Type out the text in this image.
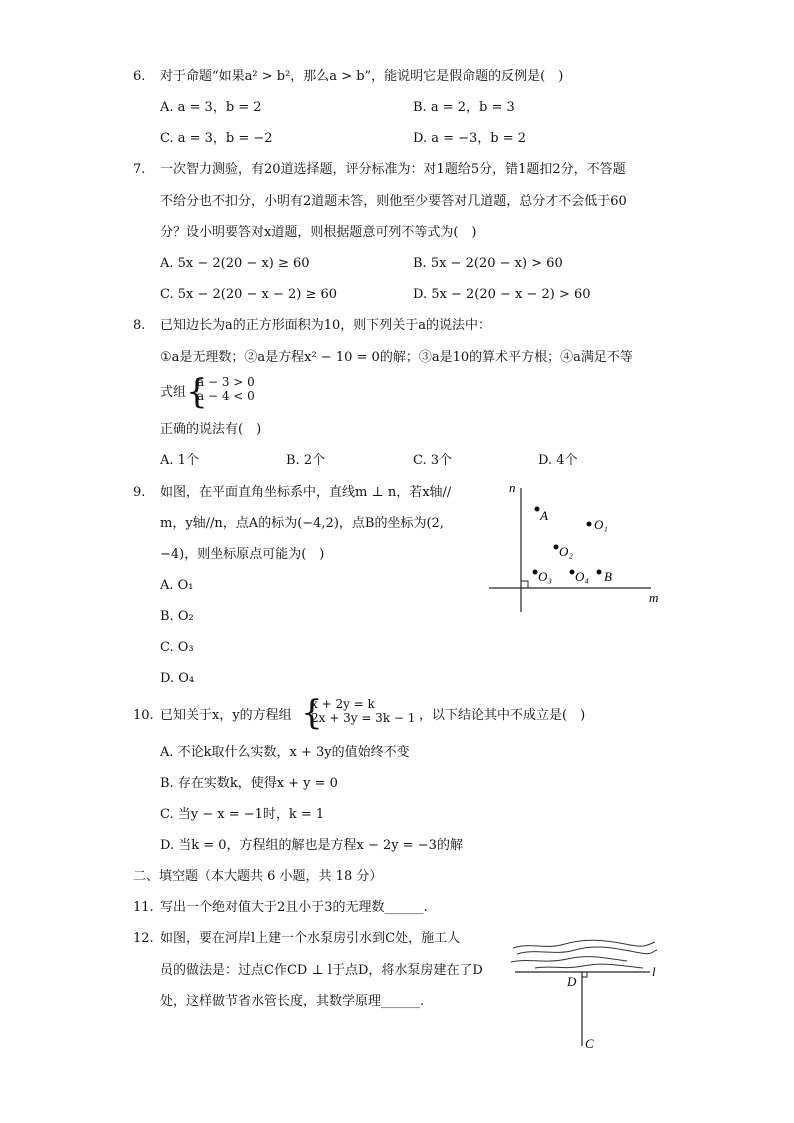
6. 对于命题“如果a² > b²，那么a > b”，能说明它是假命题的反例是(　)
A. a = 3，b = 2	B. a = 2，b = 3
C. a = 3，b = −2	D. a = −3，b = 2
7. 一次智力测验，有20道选择题，评分标准为：对1题给5分，错1题扣2分，不答题
不给分也不扣分，小明有2道题未答，则他至少要答对几道题，总分才不会低于60
分？设小明要答对x道题，则根据题意可列不等式为(　)
A. 5x − 2(20 − x) ≥ 60	B. 5x − 2(20 − x) > 60
C. 5x − 2(20 − x − 2) ≥ 60	D. 5x − 2(20 − x − 2) > 60
8. 已知边长为a的正方形面积为10，则下列关于a的说法中：
①a是无理数；②a是方程x² − 10 = 0的解；③a是10的算术平方根；④a满足不等
式组 {
a − 3 > 0
a − 4 < 0
正确的说法有(　)
A. 1个	B. 2个	C. 3个	D. 4个
9. 如图，在平面直角坐标系中，直线m ⊥ n，若x轴//
m，y轴//n，点A的标为(−4,2)，点B的坐标为(2,
−4)，则坐标原点可能为(　)
A. O₁
B. O₂
C. O₃
D. O₄
n
m
A
O₁
O₂
O₃ O₄ B
10. 已知关于x，y的方程组 {
x + 2y = k
2x + 3y = 3k − 1 ，以下结论其中不成立是(　)
A. 不论k取什么实数，x + 3y的值始终不变
B. 存在实数k，使得x + y = 0
C. 当y − x = −1时，k = 1
D. 当k = 0，方程组的解也是方程x − 2y = −3的解
二、填空题（本大题共 6 小题，共 18 分）
11. 写出一个绝对值大于2且小于3的无理数______.
12. 如图，要在河岸l上建一个水泵房引水到C处，施工人
员的做法是：过点C作CD ⊥ l于点D，将水泵房建在了D
处，这样做节省水管长度，其数学原理______.
D
l
C
